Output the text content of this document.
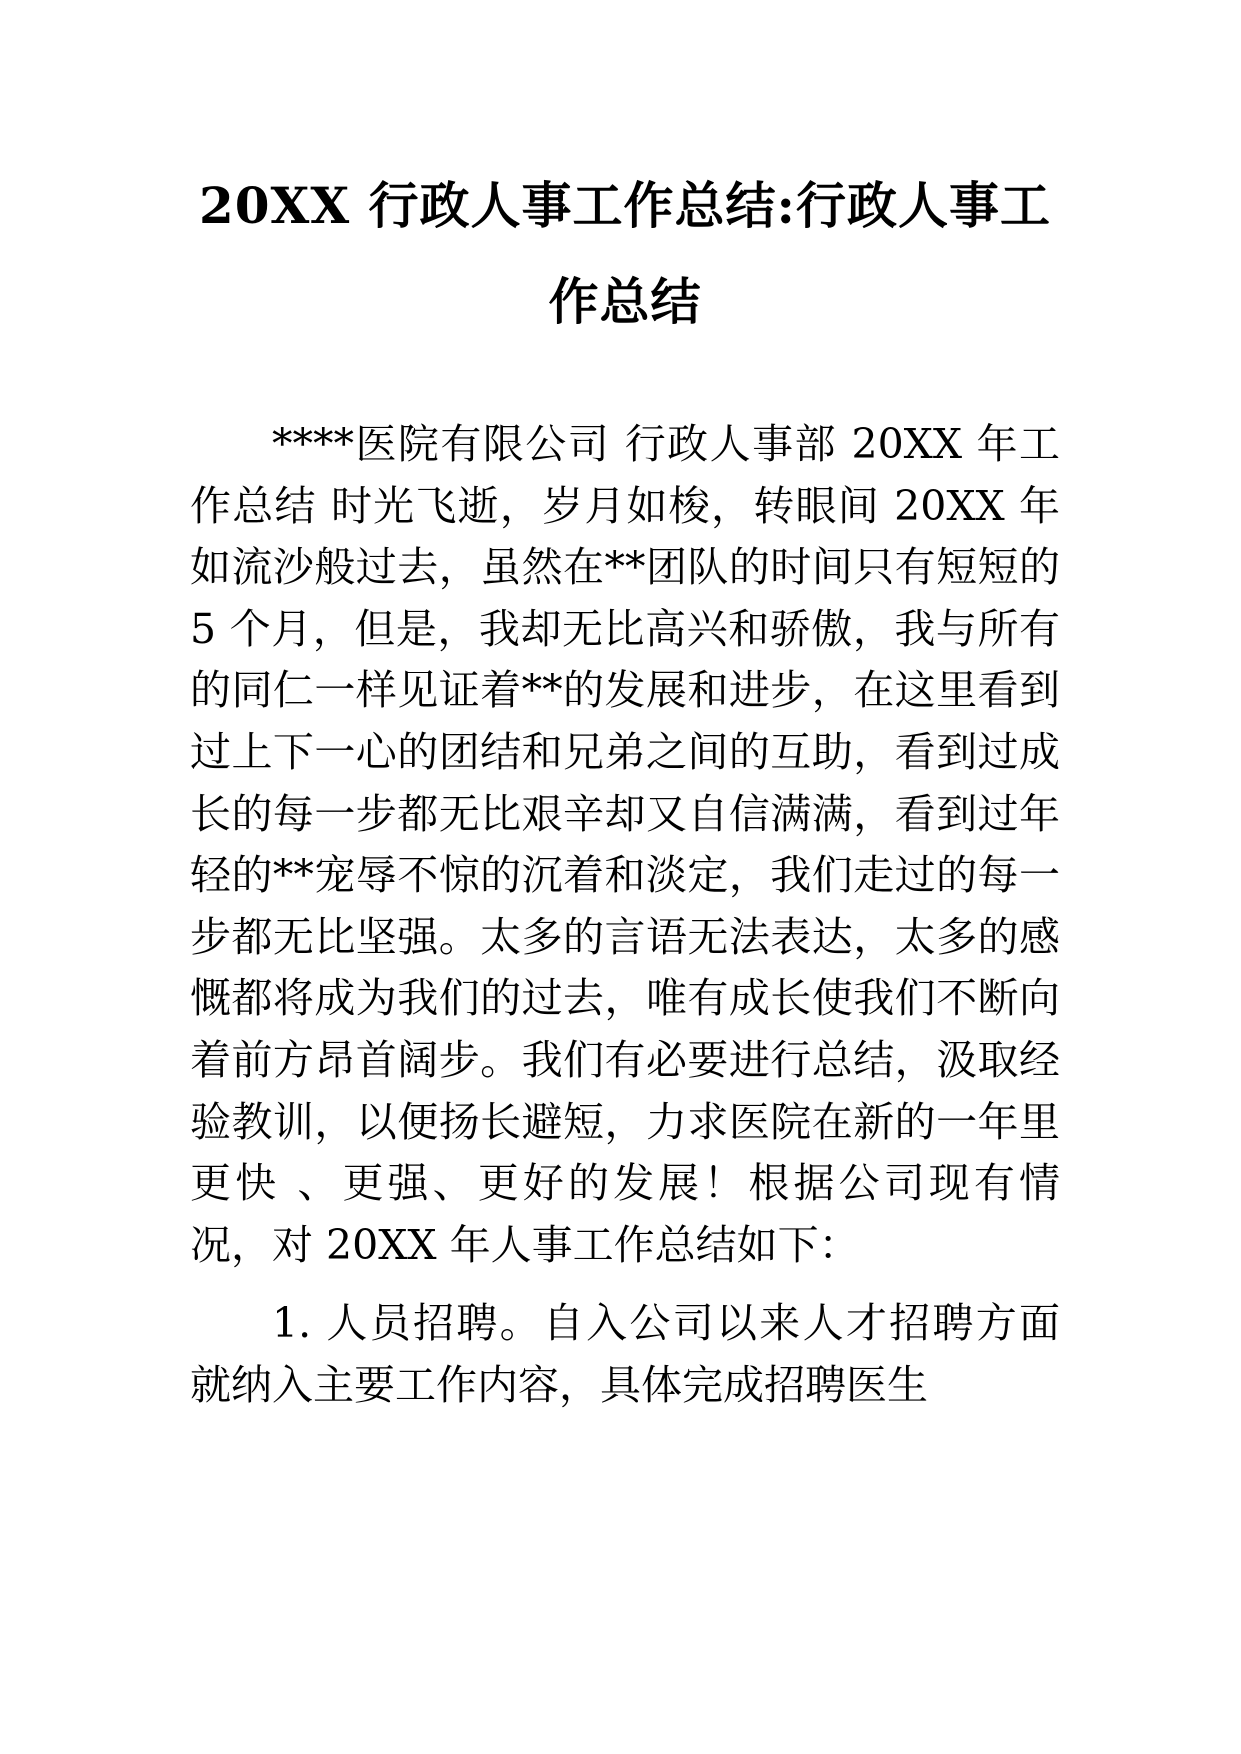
20XX 行政人事工作总结:行政人事工
作总结

****医院有限公司 行政人事部 20XX 年工作总结 时光飞逝，岁月如梭，转眼间 20XX 年如流沙般过去，虽然在**团队的时间只有短短的 5 个月，但是，我却无比高兴和骄傲，我与所有的同仁一样见证着**的发展和进步，在这里看到过上下一心的团结和兄弟之间的互助，看到过成长的每一步都无比艰辛却又自信满满，看到过年轻的**宠辱不惊的沉着和淡定，我们走过的每一步都无比坚强。太多的言语无法表达，太多的感慨都将成为我们的过去，唯有成长使我们不断向着前方昂首阔步。我们有必要进行总结，汲取经验教训，以便扬长避短，力求医院在新的一年里更快 、更强、更好的发展！根据公司现有情况，对 20XX 年人事工作总结如下：

1. 人员招聘。自入公司以来人才招聘方面就纳入主要工作内容，具体完成招聘医生
